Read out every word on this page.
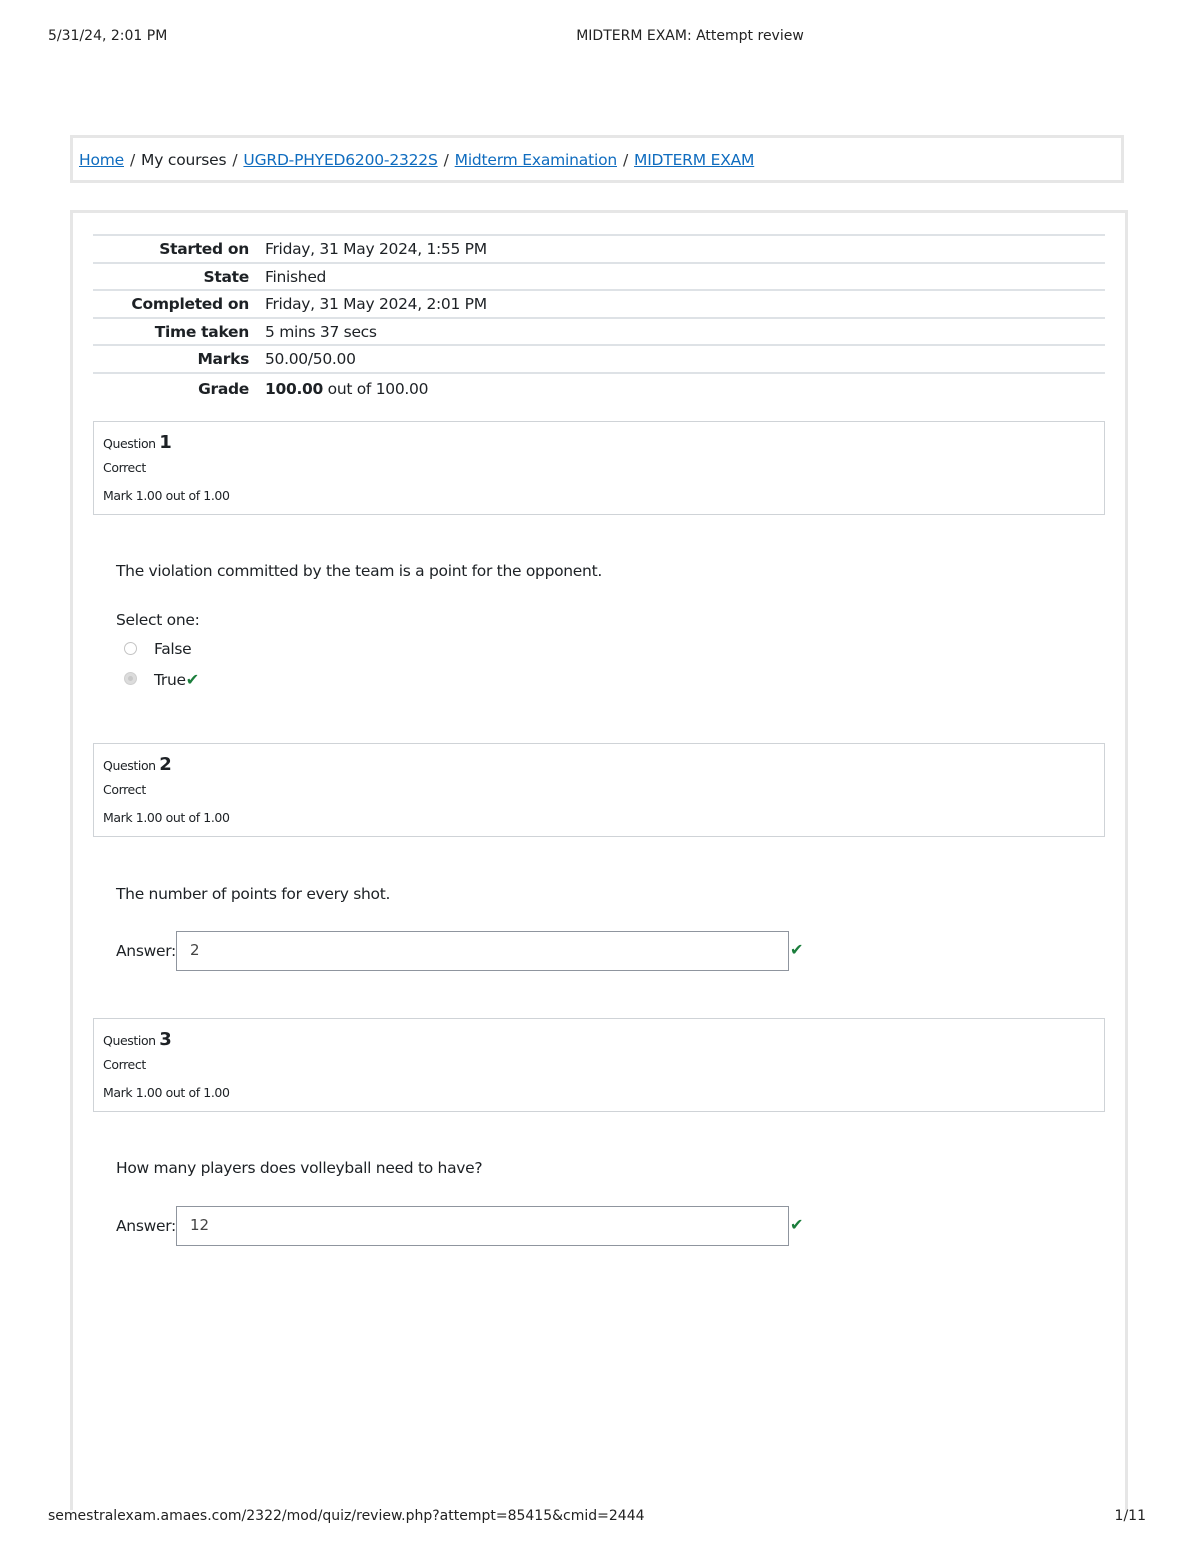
5/31/24, 2:01 PM	MIDTERM EXAM: Attempt review
Home / My courses / UGRD-PHYED6200-2322S / Midterm Examination / MIDTERM EXAM
Started on Friday, 31 May 2024, 1:55 PM
State Finished
Completed on Friday, 31 May 2024, 2:01 PM
Time taken 5 mins 37 secs
Marks 50.00/50.00
Grade 100.00 out of 100.00
Question 1
Correct
Mark 1.00 out of 1.00
The violation committed by the team is a point for the opponent.
Select one:
False
True✔
Question 2
Correct
Mark 1.00 out of 1.00
The number of points for every shot.
Answer: 2	✔
Question 3
Correct
Mark 1.00 out of 1.00
How many players does volleyball need to have?
Answer: 12	✔
semestralexam.amaes.com/2322/mod/quiz/review.php?attempt=85415&cmid=2444	1/11
